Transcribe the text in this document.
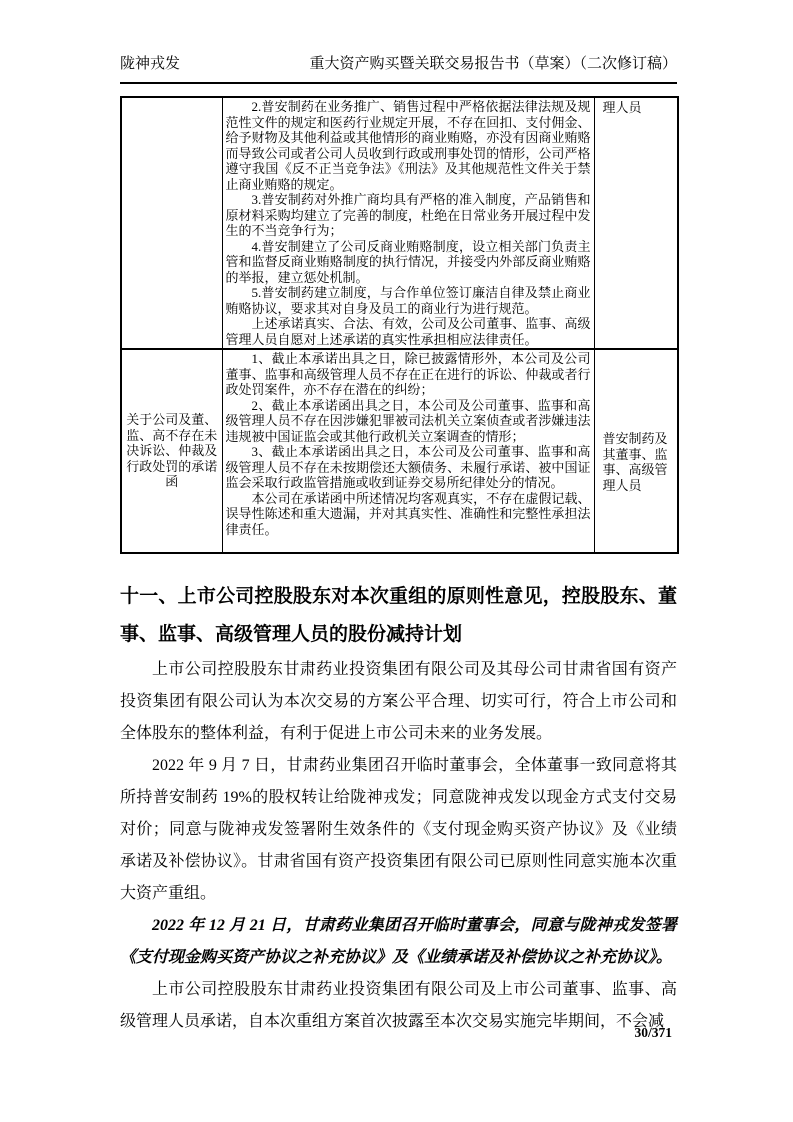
陇神戎发	重大资产购买暨关联交易报告书（草案）（二次修订稿）

	2.普安制药在业务推广、销售过程中严格依据法律法规及规范性文件的规定和医药行业规定开展，不存在回扣、支付佣金、给予财物及其他利益或其他情形的商业贿赂，亦没有因商业贿赂而导致公司或者公司人员收到行政或刑事处罚的情形，公司严格遵守我国《反不正当竞争法》《刑法》及其他规范性文件关于禁止商业贿赂的规定。

3.普安制药对外推广商均具有严格的准入制度，产品销售和原材料采购均建立了完善的制度，杜绝在日常业务开展过程中发生的不当竞争行为；

4.普安制建立了公司反商业贿赂制度，设立相关部门负责主管和监督反商业贿赂制度的执行情况，并接受内外部反商业贿赂的举报，建立惩处机制。

5.普安制药建立制度，与合作单位签订廉洁自律及禁止商业贿赂协议，要求其对自身及员工的商业行为进行规范。

上述承诺真实、合法、有效，公司及公司董事、监事、高级管理人员自愿对上述承诺的真实性承担相应法律责任。	理人员
关于公司及董、监、高不存在未决诉讼、仲裁及行政处罚的承诺函	1、截止本承诺出具之日，除已披露情形外，本公司及公司董事、监事和高级管理人员不存在正在进行的诉讼、仲裁或者行政处罚案件，亦不存在潜在的纠纷；

2、截止本承诺函出具之日，本公司及公司董事、监事和高级管理人员不存在因涉嫌犯罪被司法机关立案侦查或者涉嫌违法违规被中国证监会或其他行政机关立案调查的情形；

3、截止本承诺函出具之日，本公司及公司董事、监事和高级管理人员不存在未按期偿还大额债务、未履行承诺、被中国证监会采取行政监管措施或收到证券交易所纪律处分的情况。

本公司在承诺函中所述情况均客观真实，不存在虚假记载、误导性陈述和重大遗漏，并对其真实性、准确性和完整性承担法律责任。	普安制药及其董事、监事、高级管理人员
十一、上市公司控股股东对本次重组的原则性意见，控股股东、董事、监事、高级管理人员的股份减持计划

上市公司控股股东甘肃药业投资集团有限公司及其母公司甘肃省国有资产投资集团有限公司认为本次交易的方案公平合理、切实可行，符合上市公司和全体股东的整体利益，有利于促进上市公司未来的业务发展。

2022 年 9 月 7 日，甘肃药业集团召开临时董事会，全体董事一致同意将其所持普安制药 19%的股权转让给陇神戎发；同意陇神戎发以现金方式支付交易对价；同意与陇神戎发签署附生效条件的《支付现金购买资产协议》及《业绩承诺及补偿协议》。甘肃省国有资产投资集团有限公司已原则性同意实施本次重大资产重组。

2022 年 12 月 21 日，甘肃药业集团召开临时董事会，同意与陇神戎发签署《支付现金购买资产协议之补充协议》及《业绩承诺及补偿协议之补充协议》。

上市公司控股股东甘肃药业投资集团有限公司及上市公司董事、监事、高级管理人员承诺，自本次重组方案首次披露至本次交易实施完毕期间，不会减

30/371
